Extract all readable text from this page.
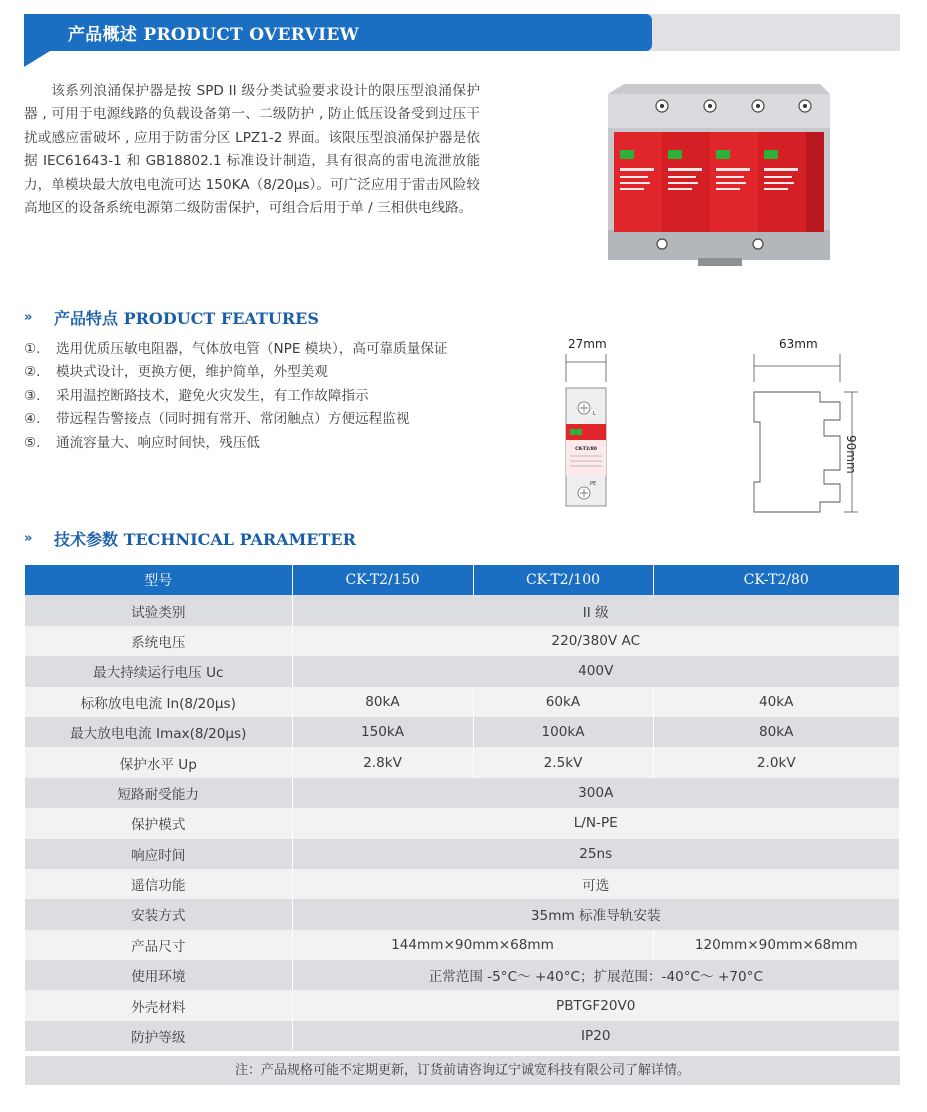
产品概述 PRODUCT OVERVIEW

该系列浪涌保护器是按 SPD II 级分类试验要求设计的限压型浪涌保护器 , 可用于电源线路的负载设备第一、二级防护 , 防止低压设备受到过压干扰或感应雷破坏 , 应用于防雷分区 LPZ1-2 界面。该限压型浪涌保护器是依据 IEC61643-1 和 GB18802.1 标准设计制造，具有很高的雷电流泄放能力，单模块最大放电电流可达 150KA（8/20μs）。可广泛应用于雷击风险较高地区的设备系统电源第二级防雷保护，可组合后用于单 / 三相供电线路。

»	产品特点 PRODUCT FEATURES
①.	选用优质压敏电阻器，气体放电管（NPE 模块），高可靠质量保证
②.	模块式设计，更换方便，维护简单，外型美观
③.	采用温控断路技术，避免火灾发生，有工作故障指示
④.	带远程告警接点（同时拥有常开、常闭触点）方便远程监视
⑤.	通流容量大、响应时间快，残压低
27mm	63mm
90mm
CK-T2/80
L
PE
»	技术参数 TECHNICAL PARAMETER
型号	CK-T2/150	CK-T2/100	CK-T2/80
试验类别	II 级		
系统电压	220/380V AC		
最大持续运行电压 Uc	400V		
标称放电电流 In(8/20μs)	80kA	60kA	40kA
最大放电电流 Imax(8/20μs)	150kA	100kA	80kA
保护水平 Up	2.8kV	2.5kV	2.0kV
短路耐受能力	300A		
保护模式	L/N-PE		
响应时间	25ns		
遥信功能	可选		
安装方式	35mm 标准导轨安装		
产品尺寸	144mm×90mm×68mm		120mm×90mm×68mm
使用环境	正常范围 -5°C～ +40°C；扩展范围：-40°C～ +70°C		
外壳材料	PBTGF20V0		
防护等级	IP20		
注：产品规格可能不定期更新，订货前请咨询辽宁诚宽科技有限公司了解详情。
